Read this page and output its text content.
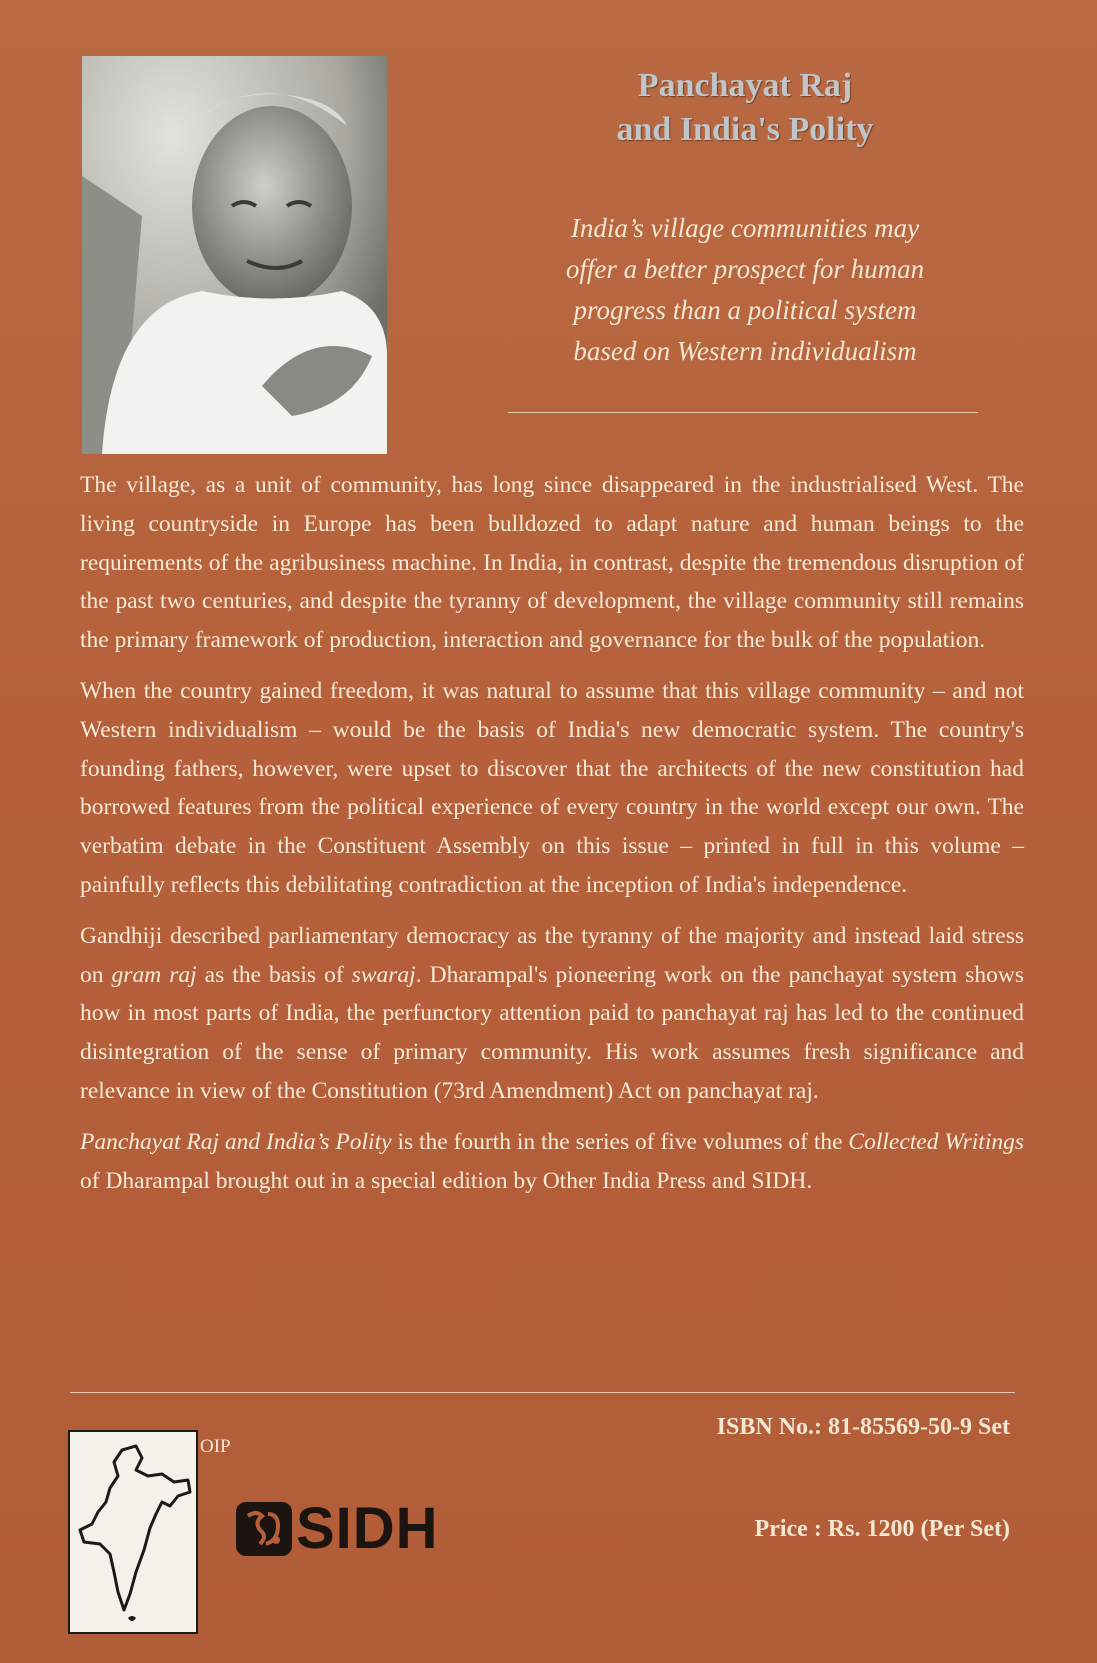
Panchayat Raj
and India's Polity
India’s village communities may
offer a better prospect for human
progress than a political system
based on Western individualism

The village, as a unit of community, has long since disappeared in the industrialised West. The living countryside in Europe has been bulldozed to adapt nature and human beings to the requirements of the agribusiness machine. In India, in contrast, despite the tremendous disruption of the past two centuries, and despite the tyranny of development, the village community still remains the primary framework of production, interaction and governance for the bulk of the population.

When the country gained freedom, it was natural to assume that this village community – and not Western individualism – would be the basis of India's new democratic system. The country's founding fathers, however, were upset to discover that the architects of the new constitution had borrowed features from the political experience of every country in the world except our own. The verbatim debate in the Constituent Assembly on this issue – printed in full in this volume – painfully reflects this debilitating contradiction at the inception of India's independence.

Gandhiji described parliamentary democracy as the tyranny of the majority and instead laid stress on gram raj as the basis of swaraj. Dharampal's pioneering work on the panchayat system shows how in most parts of India, the perfunctory attention paid to panchayat raj has led to the continued disintegration of the sense of primary community. His work assumes fresh significance and relevance in view of the Constitution (73rd Amendment) Act on panchayat raj.

Panchayat Raj and India’s Polity is the fourth in the series of five volumes of the Collected Writings of Dharampal brought out in a special edition by Other India Press and SIDH.

OIP
SIDH
ISBN No.: 81-85569-50-9 Set
Price : Rs. 1200 (Per Set)
